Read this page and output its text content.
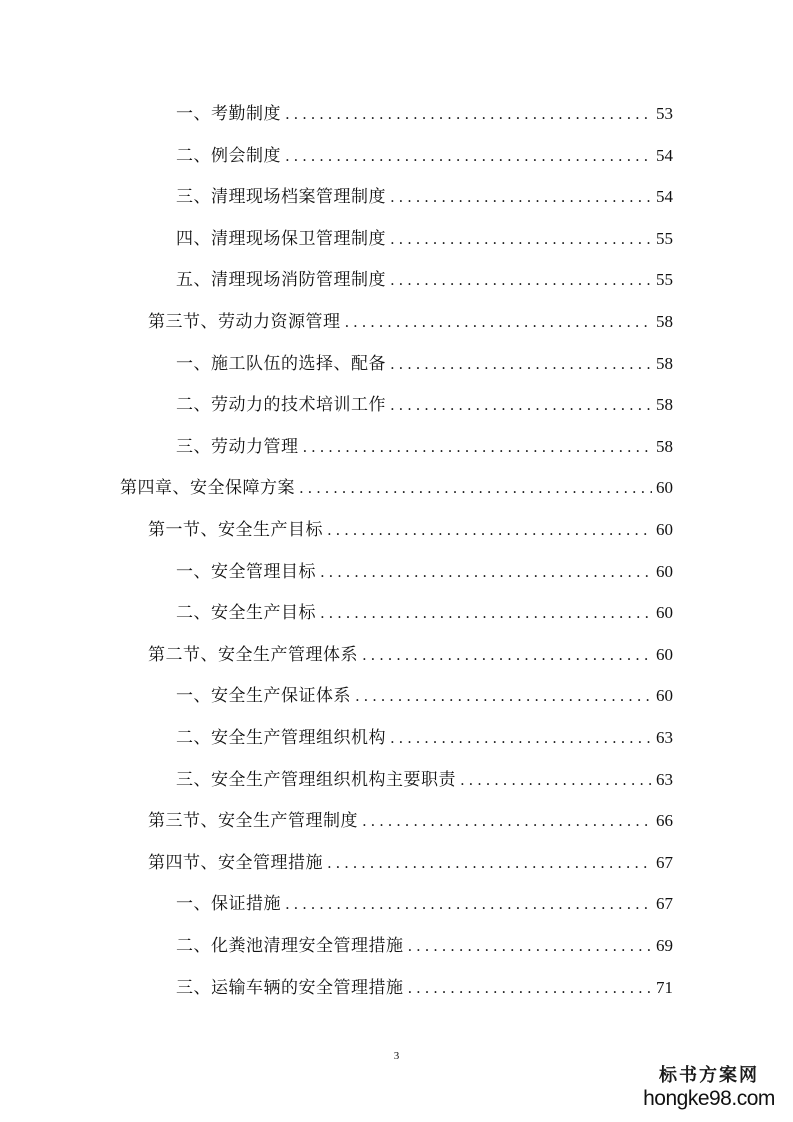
一、考勤制度 . . .	53
二、例会制度 . . .	54
三、清理现场档案管理制度 . . .	54
四、清理现场保卫管理制度 . . .	55
五、清理现场消防管理制度 . . .	55
第三节、劳动力资源管理 . . .	58
一、施工队伍的选择、配备 . . .	58
二、劳动力的技术培训工作 . . .	58
三、劳动力管理 . . .	58
第四章、安全保障方案 . . .	60
第一节、安全生产目标 . . .	60
一、安全管理目标 . . .	60
二、安全生产目标 . . .	60
第二节、安全生产管理体系 . . .	60
一、安全生产保证体系 . . .	60
二、安全生产管理组织机构 . . .	63
三、安全生产管理组织机构主要职责 . . .	63
第三节、安全生产管理制度 . . .	66
第四节、安全管理措施 . . .	67
一、保证措施 . . .	67
二、化粪池清理安全管理措施 . . .	69
三、运输车辆的安全管理措施 . . .	71
3
标书方案网
hongke98.com
